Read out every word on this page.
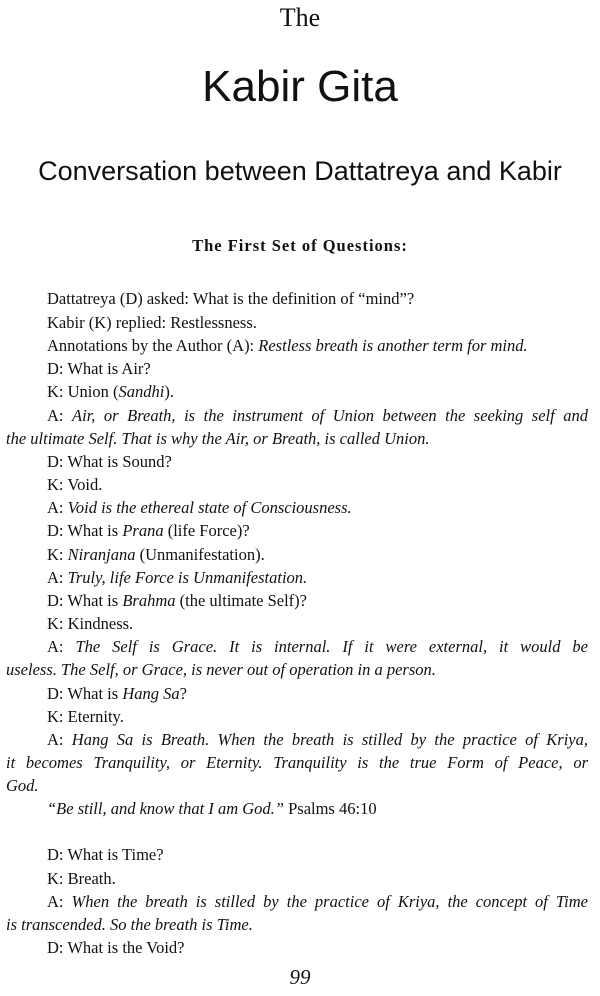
The
Kabir Gita
Conversation between Dattatreya and Kabir
The First Set of Questions:
Dattatreya (D) asked: What is the definition of “mind”?
Kabir (K) replied: Restlessness.
Annotations by the Author (A): Restless breath is another term for mind.
D: What is Air?
K: Union (Sandhi).
A: Air, or Breath, is the instrument of Union between the seeking self and
the ultimate Self. That is why the Air, or Breath, is called Union.
D: What is Sound?
K: Void.
A: Void is the ethereal state of Consciousness.
D: What is Prana (life Force)?
K: Niranjana (Unmanifestation).
A: Truly, life Force is Unmanifestation.
D: What is Brahma (the ultimate Self)?
K: Kindness.
A: The Self is Grace. It is internal. If it were external, it would be
useless. The Self, or Grace, is never out of operation in a person.
D: What is Hang Sa?
K: Eternity.
A: Hang Sa is Breath. When the breath is stilled by the practice of Kriya,
it becomes Tranquility, or Eternity. Tranquility is the true Form of Peace, or
God.
“Be still, and know that I am God.” Psalms 46:10
D: What is Time?
K: Breath.
A: When the breath is stilled by the practice of Kriya, the concept of Time
is transcended. So the breath is Time.
D: What is the Void?
99
